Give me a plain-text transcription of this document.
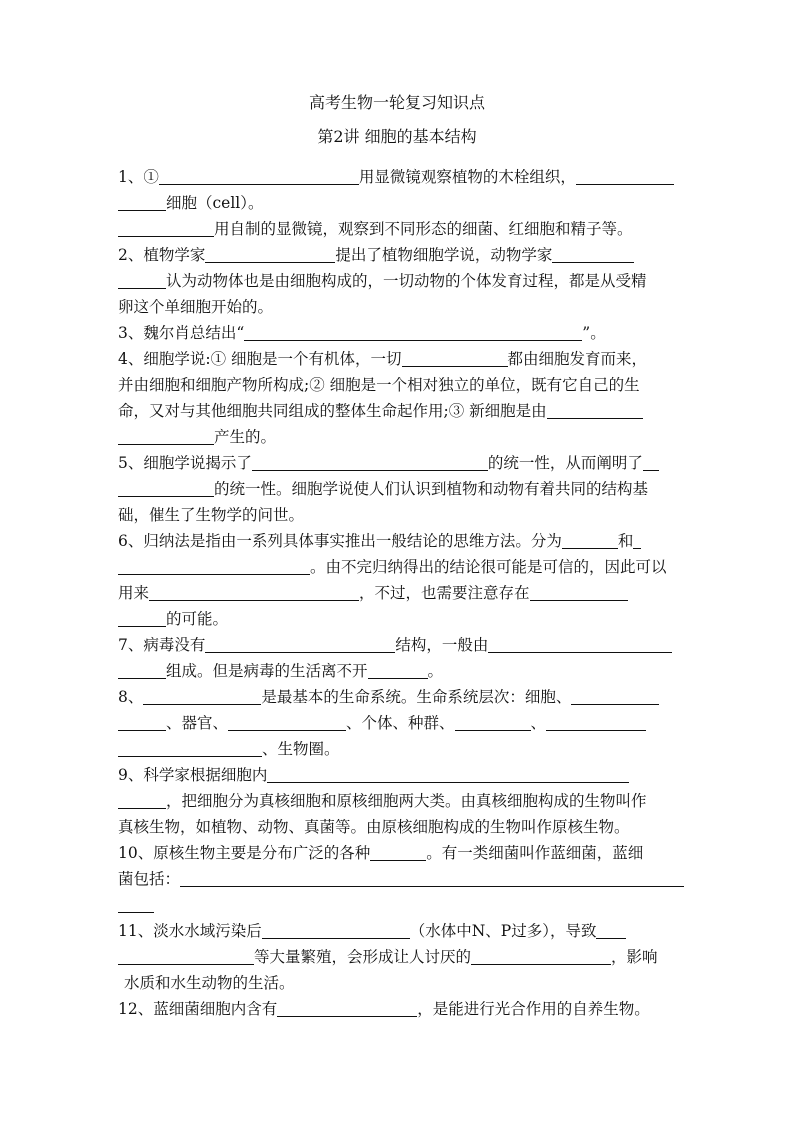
高考生物一轮复习知识点
第2讲 细胞的基本结构
1、①	用显微镜观察植物的木栓组织，
细胞（cell）。
用自制的显微镜，观察到不同形态的细菌、红细胞和精子等。
2、植物学家	提出了植物细胞学说，动物学家
认为动物体也是由细胞构成的，一切动物的个体发育过程，都是从受精
卵这个单细胞开始的。
3、魏尔肖总结出“	”。
4、细胞学说:① 细胞是一个有机体，一切	都由细胞发育而来，
并由细胞和细胞产物所构成;② 细胞是一个相对独立的单位，既有它自己的生
命，又对与其他细胞共同组成的整体生命起作用;③ 新细胞是由
产生的。
5、细胞学说揭示了	的统一性，从而阐明了
的统一性。细胞学说使人们认识到植物和动物有着共同的结构基
础，催生了生物学的问世。
6、归纳法是指由一系列具体事实推出一般结论的思维方法。分为	和
。由不完归纳得出的结论很可能是可信的，因此可以
用来	，不过，也需要注意存在
的可能。
7、病毒没有	结构，一般由
组成。但是病毒的生活离不开	。
8、	是最基本的生命系统。生命系统层次：细胞、
、器官、	、个体、种群、	、
、生物圈。
9、科学家根据细胞内
，把细胞分为真核细胞和原核细胞两大类。由真核细胞构成的生物叫作
真核生物，如植物、动物、真菌等。由原核细胞构成的生物叫作原核生物。
10、原核生物主要是分布广泛的各种	。有一类细菌叫作蓝细菌，蓝细
菌包括：
11、淡水水域污染后	（水体中N、P过多），导致
等大量繁殖，会形成让人讨厌的	，影响
水质和水生动物的生活。
12、蓝细菌细胞内含有	，是能进行光合作用的自养生物。
